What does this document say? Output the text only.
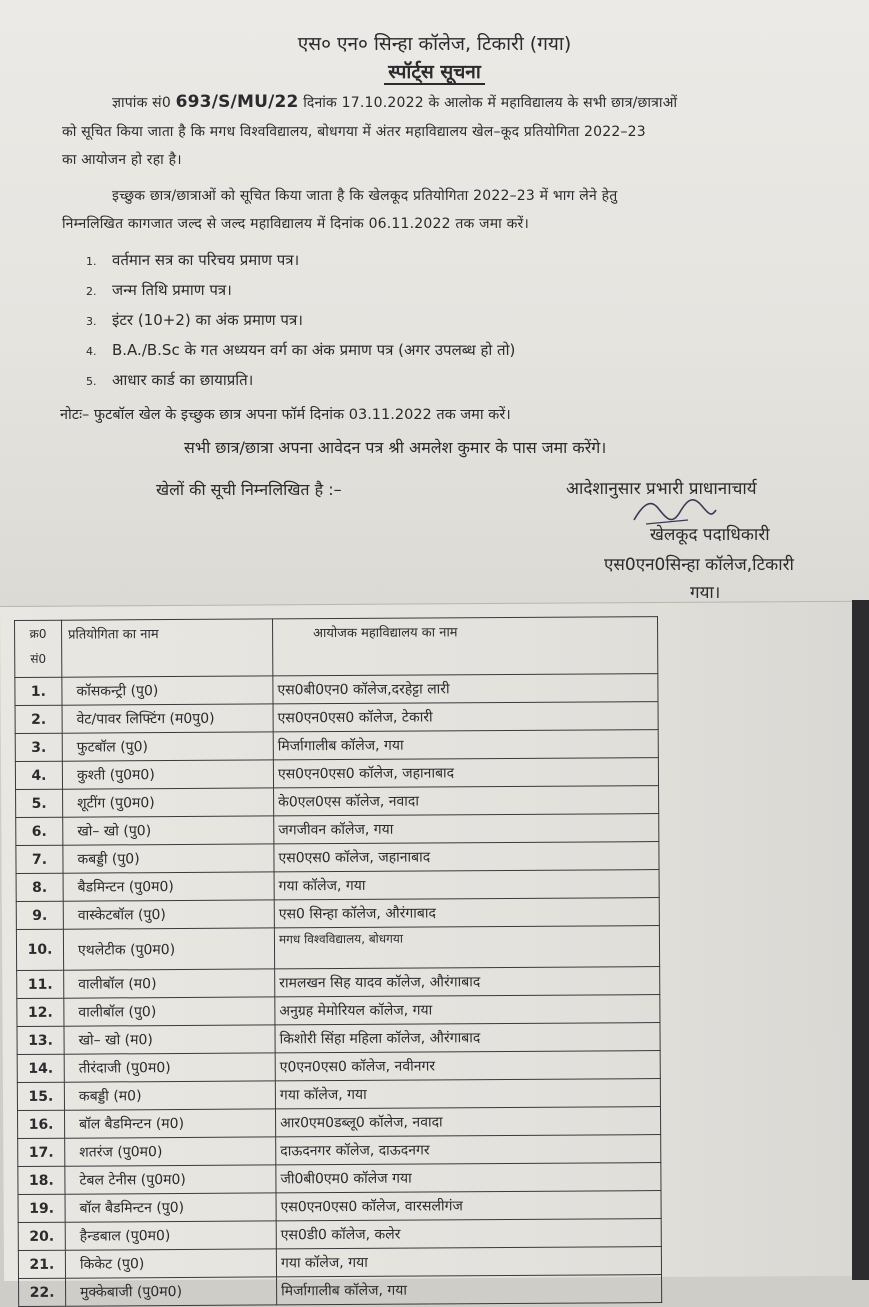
एस० एन० सिन्हा कॉलेज, टिकारी (गया)
स्पॉर्ट्स सूचना
ज्ञापांक सं0 693/S/MU/22 दिनांक 17.10.2022 के आलोक में महाविद्यालय के सभी छात्र/छात्राओं
को सूचित किया जाता है कि मगध विश्वविद्यालय, बोधगया में अंतर महाविद्यालय खेल–कूद प्रतियोगिता 2022–23
का आयोजन हो रहा है।
इच्छुक छात्र/छात्राओं को सूचित किया जाता है कि खेलकूद प्रतियोगिता 2022–23 में भाग लेने हेतु
निम्नलिखित कागजात जल्द से जल्द महाविद्यालय में दिनांक 06.11.2022 तक जमा करें।
1. वर्तमान सत्र का परिचय प्रमाण पत्र।
2. जन्म तिथि प्रमाण पत्र।
3. इंटर (10+2) का अंक प्रमाण पत्र।
4. B.A./B.Sc के गत अध्ययन वर्ग का अंक प्रमाण पत्र (अगर उपलब्ध हो तो)
5. आधार कार्ड का छायाप्रति।
नोटः– फुटबॉल खेल के इच्छुक छात्र अपना फॉर्म दिनांक 03.11.2022 तक जमा करें।
सभी छात्र/छात्रा अपना आवेदन पत्र श्री अमलेश कुमार के पास जमा करेंगे।
खेलों की सूची निम्नलिखित है :–	आदेशानुसार प्रभारी प्राधानाचार्य
खेलकूद पदाधिकारी
एस0एन0सिन्हा कॉलेज,टिकारी
गया।
क्र0
सं0	प्रतियोगिता का नाम	आयोजक महाविद्यालय का नाम
1.	कॉसकन्ट्री (पु0)	एस0बी0एन0 कॉलेज,दरहेट्टा लारी
2.	वेट/पावर लिफ्टिंग (म0पु0)	एस0एन0एस0 कॉलेज, टेकारी
3.	फुटबॉल (पु0)	मिर्जागालीब कॉलेज, गया
4.	कुश्ती (पु0म0)	एस0एन0एस0 कॉलेज, जहानाबाद
5.	शूटींग (पु0म0)	के0एल0एस कॉलेज, नवादा
6.	खो– खो (पु0)	जगजीवन कॉलेज, गया
7.	कबड्डी (पु0)	एस0एस0 कॉलेज, जहानाबाद
8.	बैडमिन्टन (पु0म0)	गया कॉलेज, गया
9.	वास्केटबॉल (पु0)	एस0 सिन्हा कॉलेज, औरंगाबाद
10.	एथलेटीक (पु0म0)	मगध विश्वविद्यालय, बोधगया
11.	वालीबॉल (म0)	रामलखन सिह यादव कॉलेज, औरंगाबाद
12.	वालीबॉल (पु0)	अनुग्रह मेमोरियल कॉलेज, गया
13.	खो– खो (म0)	किशोरी सिंहा महिला कॉलेज, औरंगाबाद
14.	तीरंदाजी (पु0म0)	ए0एन0एस0 कॉलेज, नवीनगर
15.	कबड्डी (म0)	गया कॉलेज, गया
16.	बॉल बैडमिन्टन (म0)	आर0एम0डब्लू0 कॉलेज, नवादा
17.	शतरंज (पु0म0)	दाऊदनगर कॉलेज, दाऊदनगर
18.	टेबल टेनीस (पु0म0)	जी0बी0एम0 कॉलेज गया
19.	बॉल बैडमिन्टन (पु0)	एस0एन0एस0 कॉलेज, वारसलीगंज
20.	हैन्डबाल (पु0म0)	एस0डी0 कॉलेज, कलेर
21.	किकेट (पु0)	गया कॉलेज, गया
22.	मुक्केबाजी (पु0म0)	मिर्जागालीब कॉलेज, गया
